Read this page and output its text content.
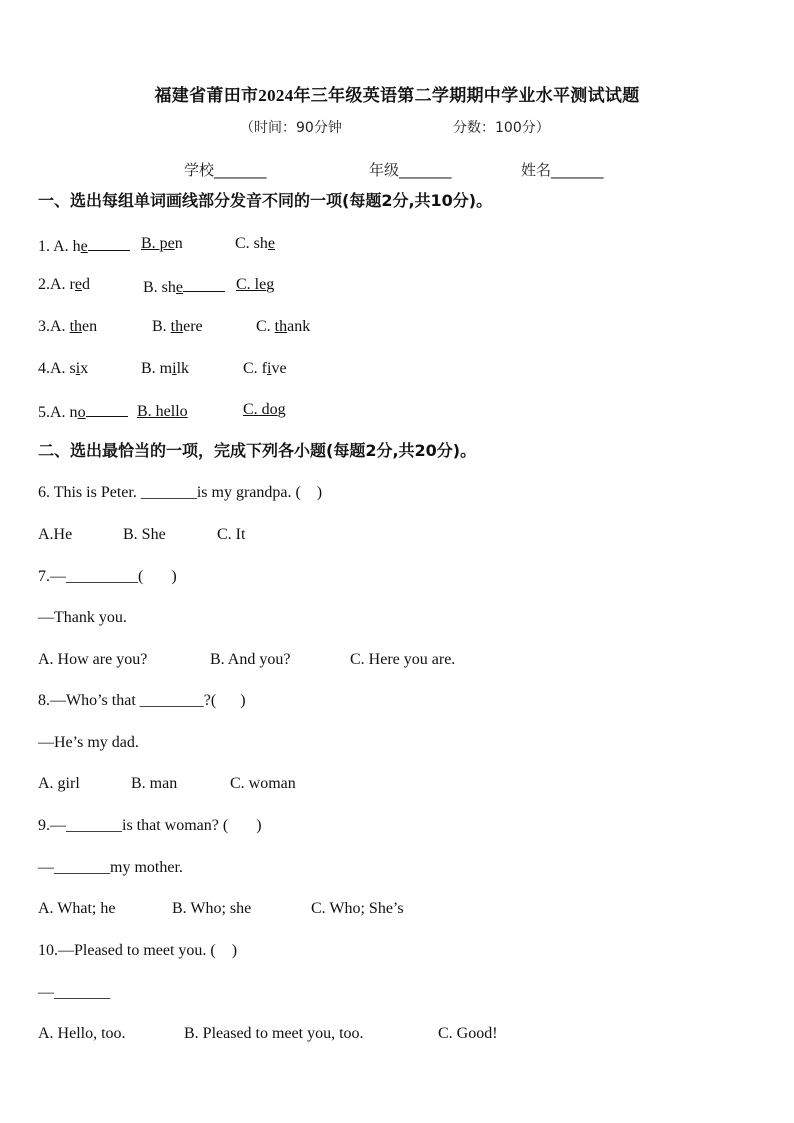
福建省莆田市2024年三年级英语第二学期期中学业水平测试试题
（时间：90分钟	分数：100分）
学校_______	年级_______	姓名_______
一、选出每组单词画线部分发音不同的一项(每题2分,共10分)。
1. A. he	B. pen	C. she
2.A. red	B. she	C. leg
3.A. then	B. there	C. thank
4.A. six	B. milk	C. five
5.A. no	B. hello	C. dog
二、选出最恰当的一项，完成下列各小题(每题2分,共20分)。
6. This is Peter. _______is my grandpa. (    )
A.He	B. She	C. It
7.—_________(       )
—Thank you.
A. How are you?	B. And you?	C. Here you are.
8.—Who’s that ________?(      )
—He’s my dad.
A. girl	B. man	C. woman
9.—_______is that woman? (       )
—_______my mother.
A. What; he	B. Who; she	C. Who; She’s
10.—Pleased to meet you. (    )
—_______
A. Hello, too.	B. Pleased to meet you, too.	C. Good!
